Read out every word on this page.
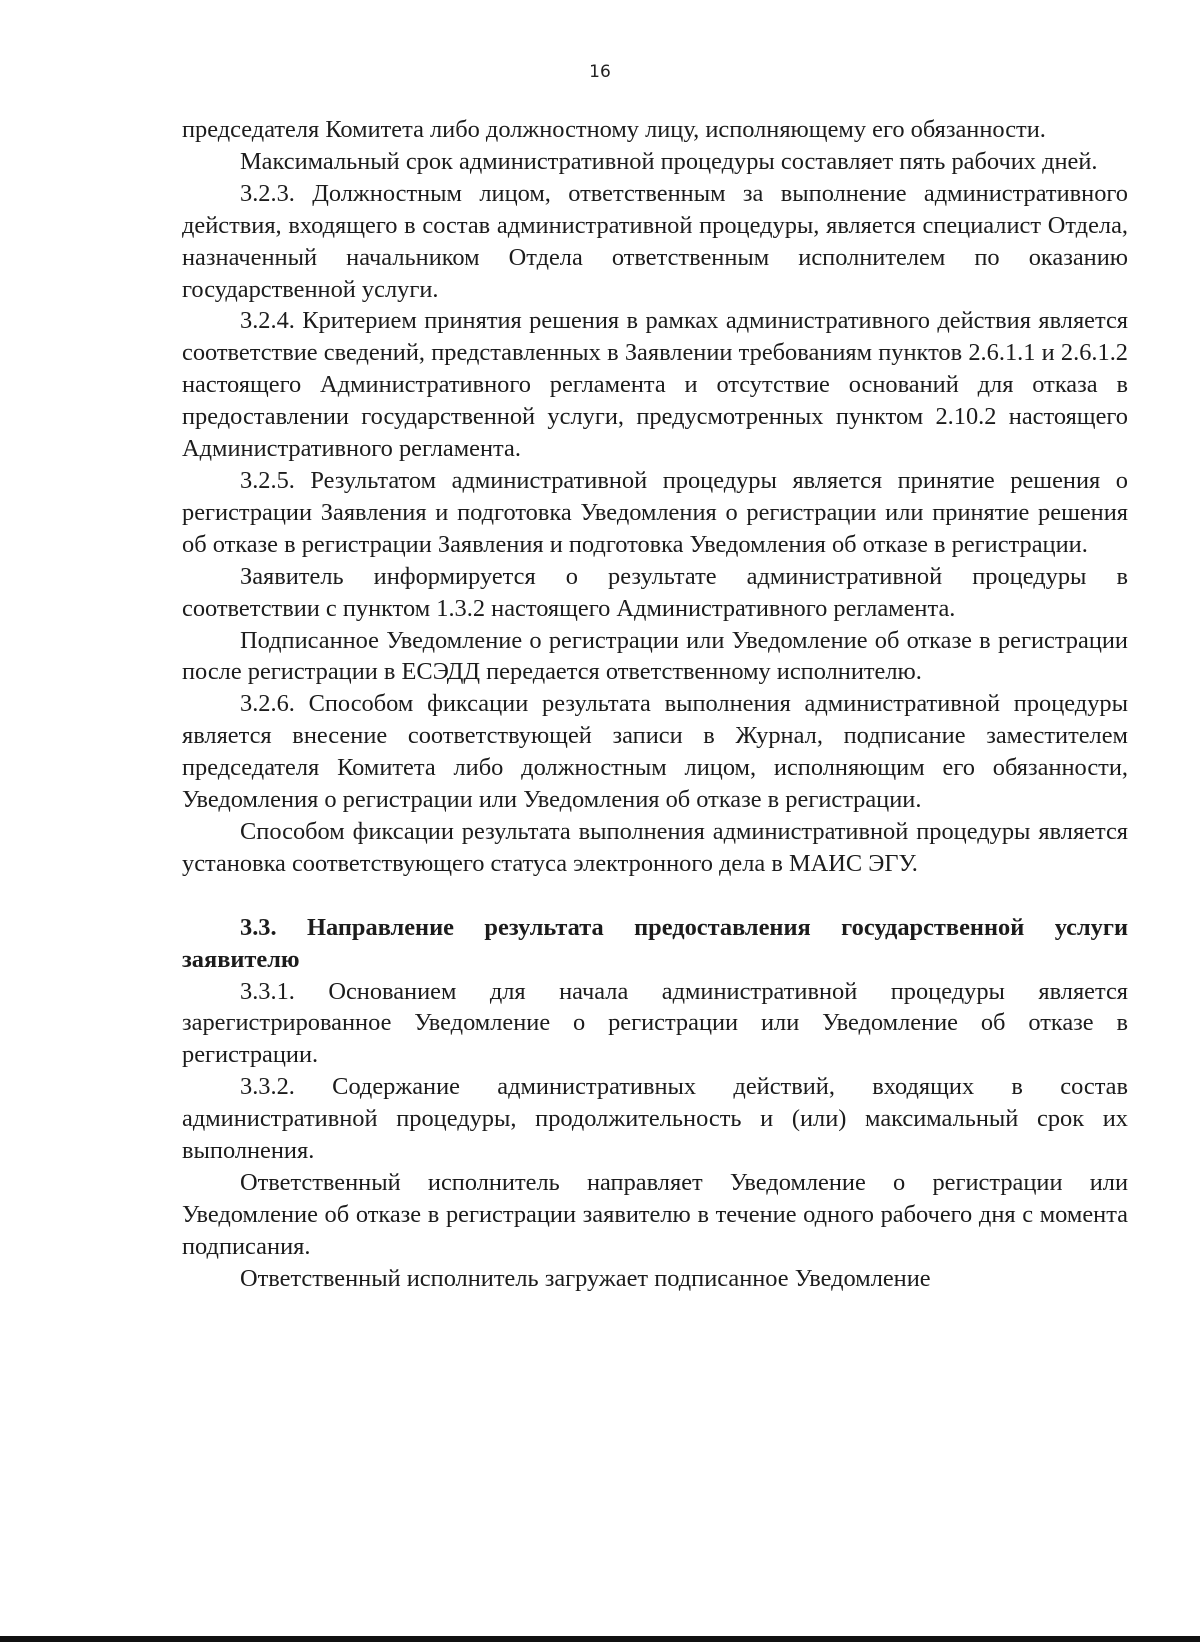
16

председателя Комитета либо должностному лицу, исполняющему его обязанности.

Максимальный срок административной процедуры составляет пять рабочих дней.

3.2.3. Должностным лицом, ответственным за выполнение административного действия, входящего в состав административной процедуры, является специалист Отдела, назначенный начальником Отдела ответственным исполнителем по оказанию государственной услуги.

3.2.4. Критерием принятия решения в рамках административного действия является соответствие сведений, представленных в Заявлении требованиям пунктов 2.6.1.1 и 2.6.1.2 настоящего Административного регламента и отсутствие оснований для отказа в предоставлении государственной услуги, предусмотренных пунктом 2.10.2 настоящего Административного регламента.

3.2.5. Результатом административной процедуры является принятие решения о регистрации Заявления и подготовка Уведомления о регистрации или принятие решения об отказе в регистрации Заявления и подготовка Уведомления об отказе в регистрации.

Заявитель информируется о результате административной процедуры в соответствии с пунктом 1.3.2 настоящего Административного регламента.

Подписанное Уведомление о регистрации или Уведомление об отказе в регистрации после регистрации в ЕСЭДД передается ответственному исполнителю.

3.2.6. Способом фиксации результата выполнения административной процедуры является внесение соответствующей записи в Журнал, подписание заместителем председателя Комитета либо должностным лицом, исполняющим его обязанности, Уведомления о регистрации или Уведомления об отказе в регистрации.

Способом фиксации результата выполнения административной процедуры является установка соответствующего статуса электронного дела в МАИС ЭГУ.

3.3. Направление результата предоставления государственной услуги заявителю

3.3.1. Основанием для начала административной процедуры является зарегистрированное Уведомление о регистрации или Уведомление об отказе в регистрации.

3.3.2. Содержание административных действий, входящих в состав административной процедуры, продолжительность и (или) максимальный срок их выполнения.

Ответственный исполнитель направляет Уведомление о регистрации или Уведомление об отказе в регистрации заявителю в течение одного рабочего дня с момента подписания.

Ответственный исполнитель загружает подписанное Уведомление
